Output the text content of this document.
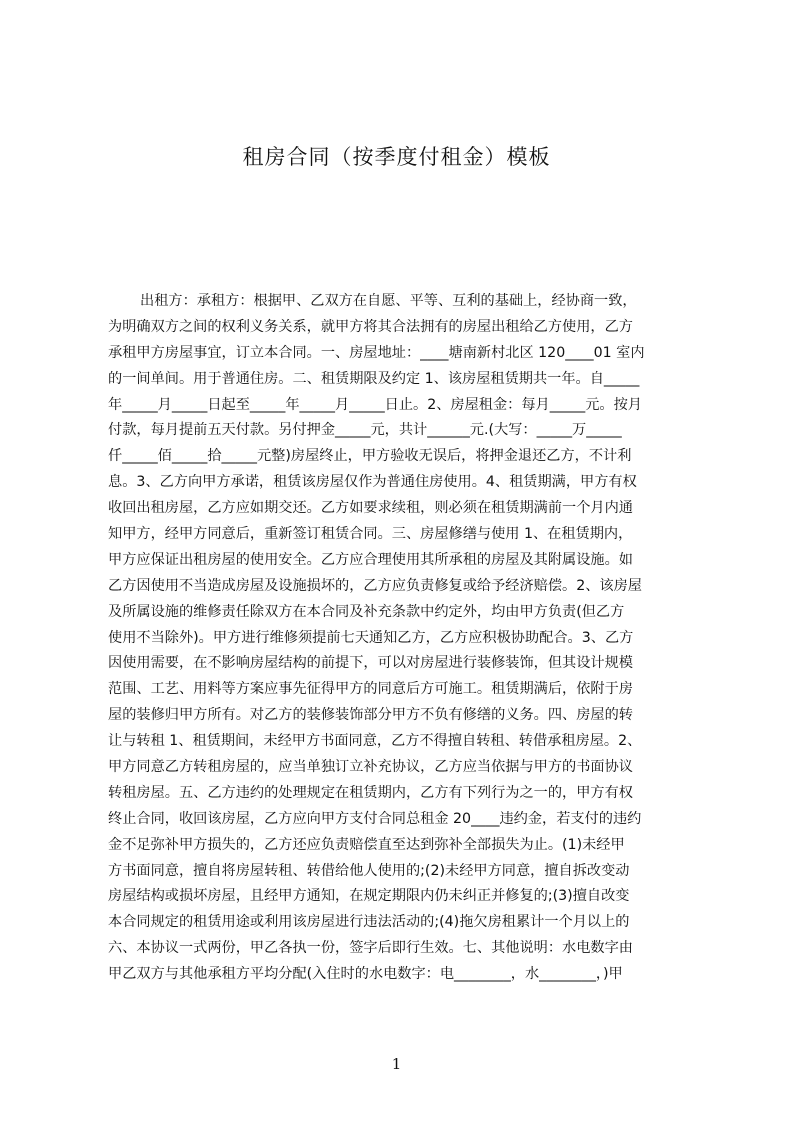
租房合同（按季度付租金）模板
出租方：承租方：根据甲、乙双方在自愿、平等、互利的基础上，经协商一致，
为明确双方之间的权利义务关系，就甲方将其合法拥有的房屋出租给乙方使用，乙方
承租甲方房屋事宜，订立本合同。一、房屋地址：____塘南新村北区 120____01 室内
的一间单间。用于普通住房。二、租赁期限及约定 1、该房屋租赁期共一年。自_____
年_____月_____日起至_____年_____月_____日止。2、房屋租金：每月_____元。按月
付款，每月提前五天付款。另付押金_____元，共计______元.(大写：_____万_____
仟_____佰_____拾_____元整)房屋终止，甲方验收无误后，将押金退还乙方，不计利
息。3、乙方向甲方承诺，租赁该房屋仅作为普通住房使用。4、租赁期满，甲方有权
收回出租房屋，乙方应如期交还。乙方如要求续租，则必须在租赁期满前一个月内通
知甲方，经甲方同意后，重新签订租赁合同。三、房屋修缮与使用 1、在租赁期内，
甲方应保证出租房屋的使用安全。乙方应合理使用其所承租的房屋及其附属设施。如
乙方因使用不当造成房屋及设施损坏的，乙方应负责修复或给予经济赔偿。2、该房屋
及所属设施的维修责任除双方在本合同及补充条款中约定外，均由甲方负责(但乙方
使用不当除外)。甲方进行维修须提前七天通知乙方，乙方应积极协助配合。3、乙方
因使用需要，在不影响房屋结构的前提下，可以对房屋进行装修装饰，但其设计规模
范围、工艺、用料等方案应事先征得甲方的同意后方可施工。租赁期满后，依附于房
屋的装修归甲方所有。对乙方的装修装饰部分甲方不负有修缮的义务。四、房屋的转
让与转租 1、租赁期间，未经甲方书面同意，乙方不得擅自转租、转借承租房屋。2、
甲方同意乙方转租房屋的，应当单独订立补充协议，乙方应当依据与甲方的书面协议
转租房屋。五、乙方违约的处理规定在租赁期内，乙方有下列行为之一的，甲方有权
终止合同，收回该房屋，乙方应向甲方支付合同总租金 20____违约金，若支付的违约
金不足弥补甲方损失的，乙方还应负责赔偿直至达到弥补全部损失为止。(1)未经甲
方书面同意，擅自将房屋转租、转借给他人使用的;(2)未经甲方同意，擅自拆改变动
房屋结构或损坏房屋，且经甲方通知，在规定期限内仍未纠正并修复的;(3)擅自改变
本合同规定的租赁用途或利用该房屋进行违法活动的;(4)拖欠房租累计一个月以上的
六、本协议一式两份，甲乙各执一份，签字后即行生效。七、其他说明：水电数字由
甲乙双方与其他承租方平均分配(入住时的水电数字：电________，水________，)甲
1
